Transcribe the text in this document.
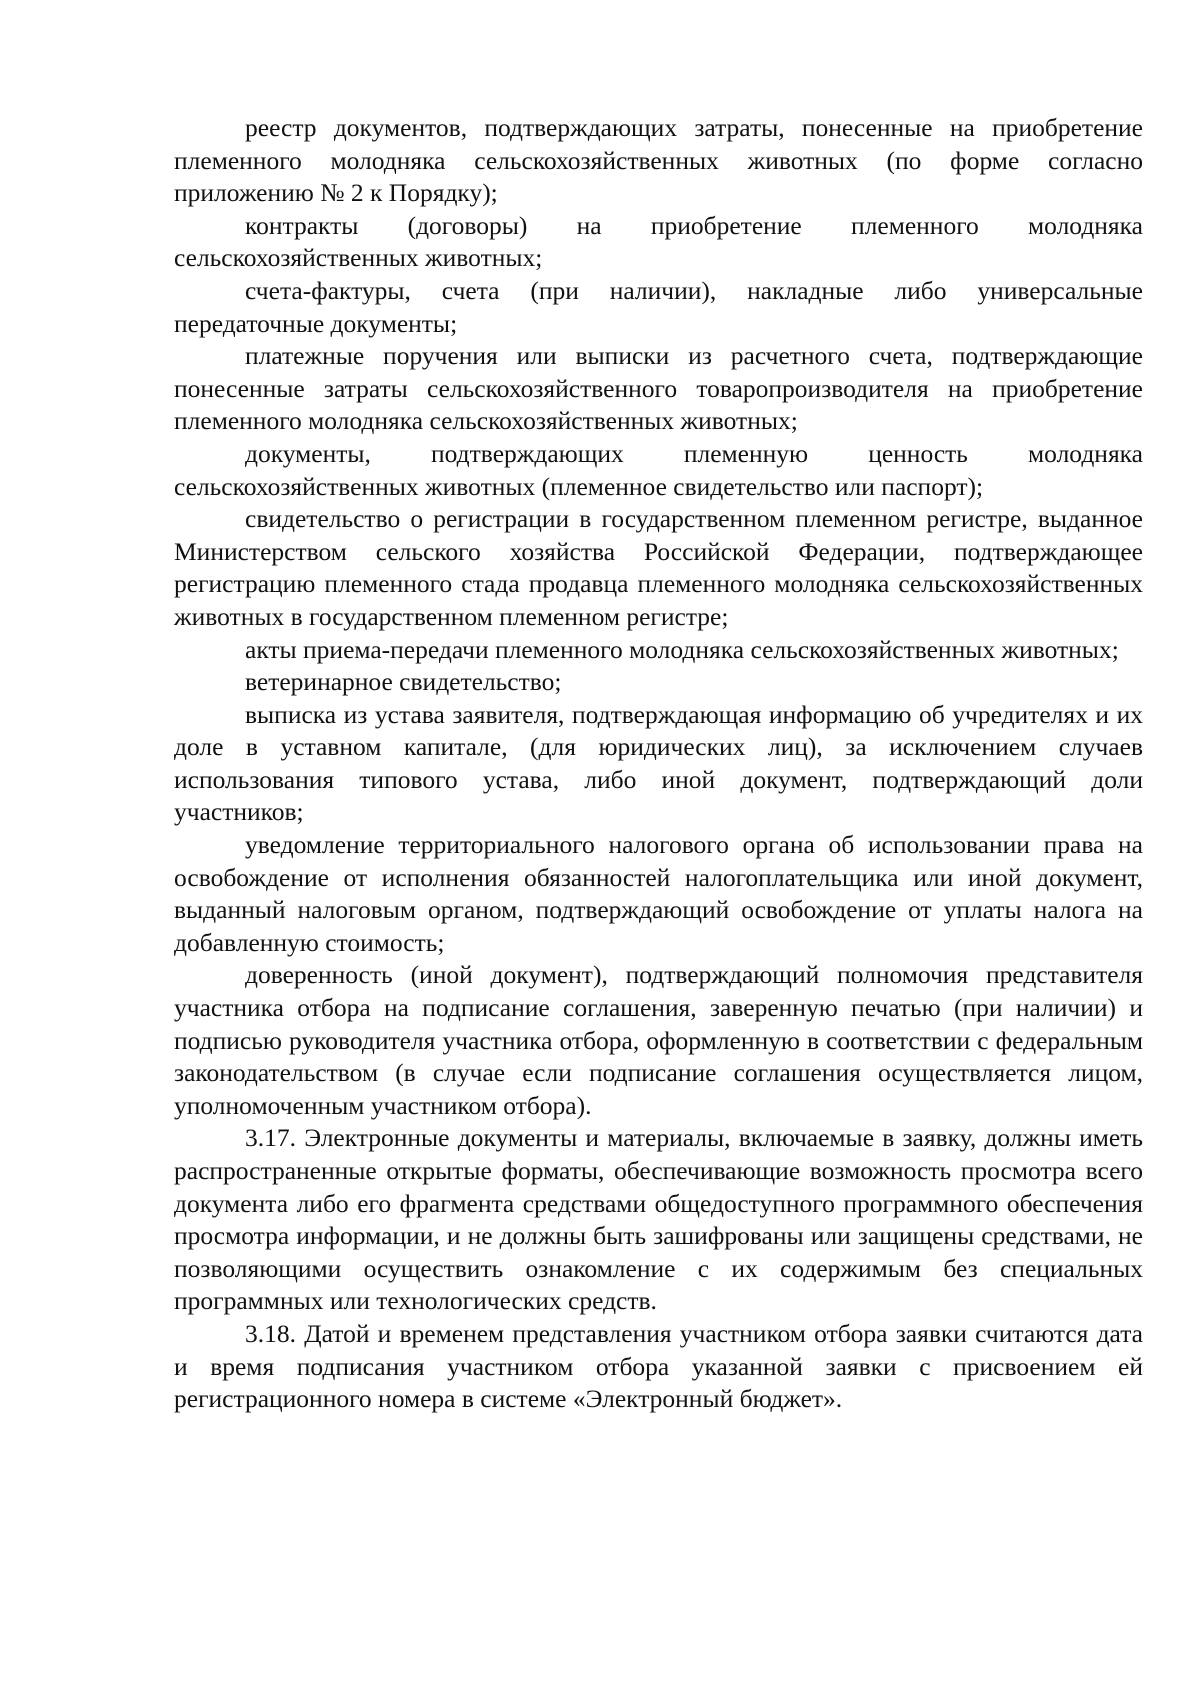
реестр документов, подтверждающих затраты, понесенные на приобретение племенного молодняка сельскохозяйственных животных (по форме согласно приложению № 2 к Порядку);

контракты (договоры) на приобретение племенного молодняка сельскохозяйственных животных;

счета-фактуры, счета (при наличии), накладные либо универсальные передаточные документы;

платежные поручения или выписки из расчетного счета, подтверждающие понесенные затраты сельскохозяйственного товаропроизводителя на приобретение племенного молодняка сельскохозяйственных животных;

документы, подтверждающих племенную ценность молодняка сельскохозяйственных животных (племенное свидетельство или паспорт);

свидетельство о регистрации в государственном племенном регистре, выданное Министерством сельского хозяйства Российской Федерации, подтверждающее регистрацию племенного стада продавца племенного молодняка сельскохозяйственных животных в государственном племенном регистре;

акты приема-передачи племенного молодняка сельскохозяйственных животных;

ветеринарное свидетельство;

выписка из устава заявителя, подтверждающая информацию об учредителях и их доле в уставном капитале, (для юридических лиц), за исключением случаев использования типового устава, либо иной документ, подтверждающий доли участников;

уведомление территориального налогового органа об использовании права на освобождение от исполнения обязанностей налогоплательщика или иной документ, выданный налоговым органом, подтверждающий освобождение от уплаты налога на добавленную стоимость;

доверенность (иной документ), подтверждающий полномочия представителя участника отбора на подписание соглашения, заверенную печатью (при наличии) и подписью руководителя участника отбора, оформленную в соответствии с федеральным законодательством (в случае если подписание соглашения осуществляется лицом, уполномоченным участником отбора).

3.17. Электронные документы и материалы, включаемые в заявку, должны иметь распространенные открытые форматы, обеспечивающие возможность просмотра всего документа либо его фрагмента средствами общедоступного программного обеспечения просмотра информации, и не должны быть зашифрованы или защищены средствами, не позволяющими осуществить ознакомление с их содержимым без специальных программных или технологических средств.

3.18. Датой и временем представления участником отбора заявки считаются дата и время подписания участником отбора указанной заявки с присвоением ей регистрационного номера в системе «Электронный бюджет».
